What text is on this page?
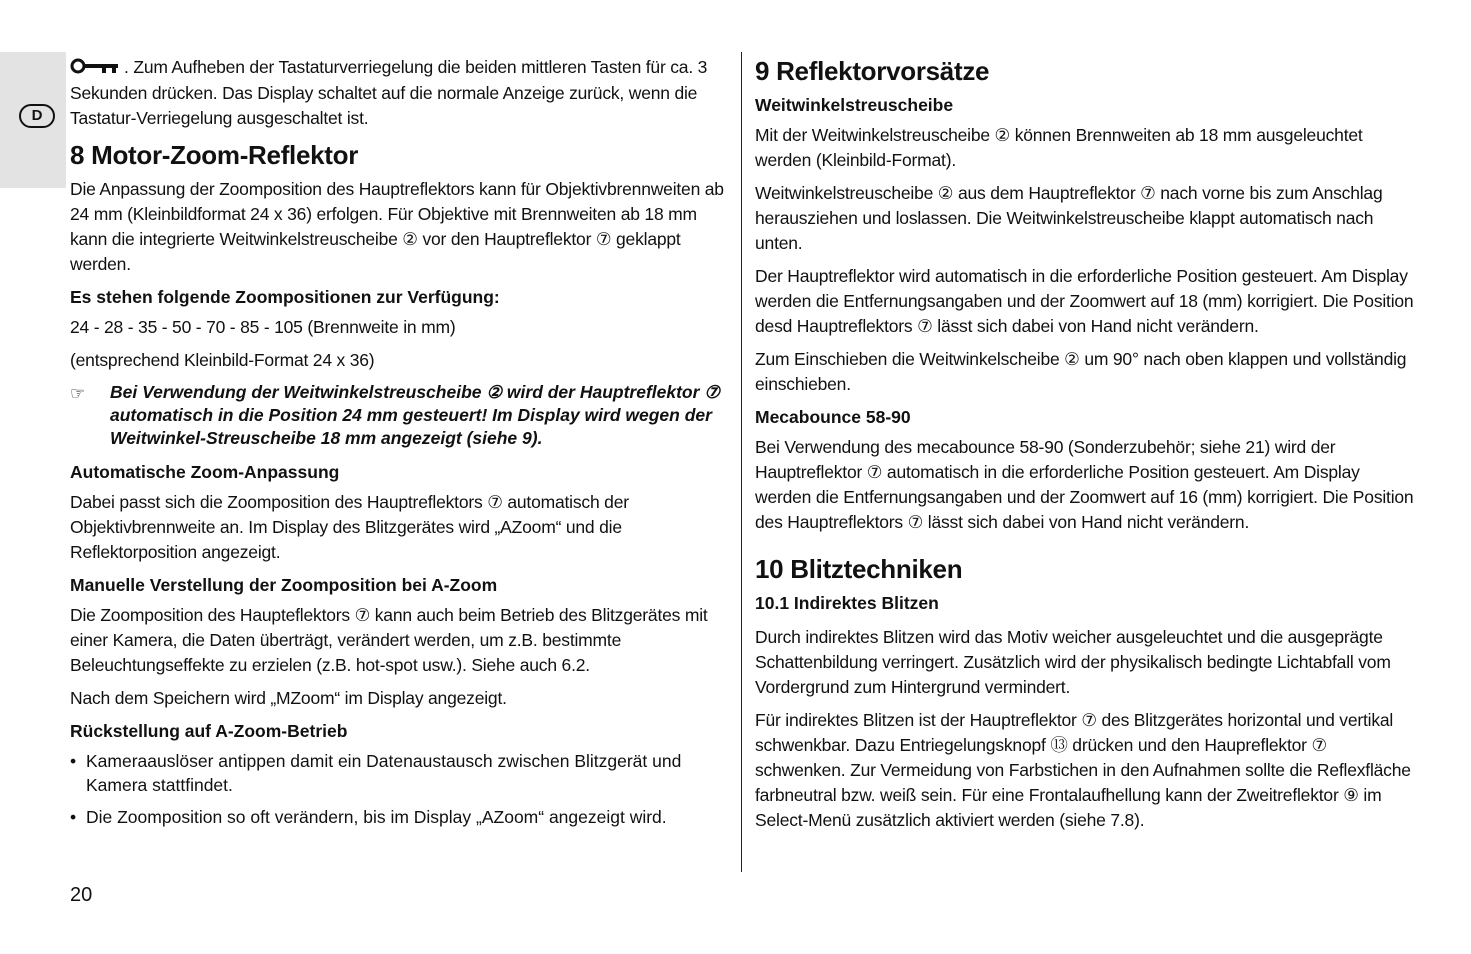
D

. Zum Aufheben der Tastaturverriegelung die beiden mittleren Tasten für ca. 3 Sekunden drücken. Das Display schaltet auf die normale Anzeige zurück, wenn die Tastatur-Verriegelung ausgeschaltet ist.

8 Motor-Zoom-Reflektor

Die Anpassung der Zoomposition des Hauptreflektors kann für Objektivbrennweiten ab 24 mm (Kleinbildformat 24 x 36) erfolgen. Für Objektive mit Brennweiten ab 18 mm kann die integrierte Weitwinkelstreuscheibe ② vor den Hauptreflektor ⑦ geklappt werden.

Es stehen folgende Zoompositionen zur Verfügung:

24 - 28 - 35 - 50 - 70 - 85 - 105 (Brennweite in mm)

(entsprechend Kleinbild-Format 24 x 36)

☞	Bei Verwendung der Weitwinkelstreuscheibe ② wird der Hauptreflektor ⑦ automatisch in die Position 24 mm gesteuert! Im Display wird wegen der Weitwinkel-Streuscheibe 18 mm angezeigt (siehe 9).
Automatische Zoom-Anpassung

Dabei passt sich die Zoomposition des Hauptreflektors ⑦ automatisch der Objektivbrennweite an. Im Display des Blitzgerätes wird „AZoom“ und die Reflektorposition angezeigt.

Manuelle Verstellung der Zoomposition bei A-Zoom

Die Zoomposition des Haupteflektors ⑦ kann auch beim Betrieb des Blitzgerätes mit einer Kamera, die Daten überträgt, verändert werden, um z.B. bestimmte Beleuchtungseffekte zu erzielen (z.B. hot-spot usw.). Siehe auch 6.2.

Nach dem Speichern wird „MZoom“ im Display angezeigt.

Rückstellung auf A-Zoom-Betrieb
• Kameraauslöser antippen damit ein Datenaustausch zwischen Blitzgerät und Kamera stattfindet.
• Die Zoomposition so oft verändern, bis im Display „AZoom“ angezeigt wird.
9 Reflektorvorsätze
Weitwinkelstreuscheibe

Mit der Weitwinkelstreuscheibe ② können Brennweiten ab 18 mm ausgeleuchtet werden (Kleinbild-Format).

Weitwinkelstreuscheibe ② aus dem Hauptreflektor ⑦ nach vorne bis zum Anschlag herausziehen und loslassen. Die Weitwinkelstreuscheibe klappt automatisch nach unten.

Der Hauptreflektor wird automatisch in die erforderliche Position gesteuert. Am Display werden die Entfernungsangaben und der Zoomwert auf 18 (mm) korrigiert. Die Position desd Hauptreflektors ⑦ lässt sich dabei von Hand nicht verändern.

Zum Einschieben die Weitwinkelscheibe ② um 90° nach oben klappen und vollständig einschieben.

Mecabounce 58-90

Bei Verwendung des mecabounce 58-90 (Sonderzubehör; siehe 21) wird der Hauptreflektor ⑦ automatisch in die erforderliche Position gesteuert. Am Display werden die Entfernungsangaben und der Zoomwert auf 16 (mm) korrigiert. Die Position des Hauptreflektors ⑦ lässt sich dabei von Hand nicht verändern.

10 Blitztechniken
10.1 Indirektes Blitzen

Durch indirektes Blitzen wird das Motiv weicher ausgeleuchtet und die ausgeprägte Schattenbildung verringert. Zusätzlich wird der physikalisch bedingte Lichtabfall vom Vordergrund zum Hintergrund vermindert.

Für indirektes Blitzen ist der Hauptreflektor ⑦ des Blitzgerätes horizontal und vertikal schwenkbar. Dazu Entriegelungsknopf ⑬ drücken und den Haupreflektor ⑦ schwenken. Zur Vermeidung von Farbstichen in den Aufnahmen sollte die Reflexfläche farbneutral bzw. weiß sein. Für eine Frontalaufhellung kann der Zweitreflektor ⑨ im Select-Menü zusätzlich aktiviert werden (siehe 7.8).

20
